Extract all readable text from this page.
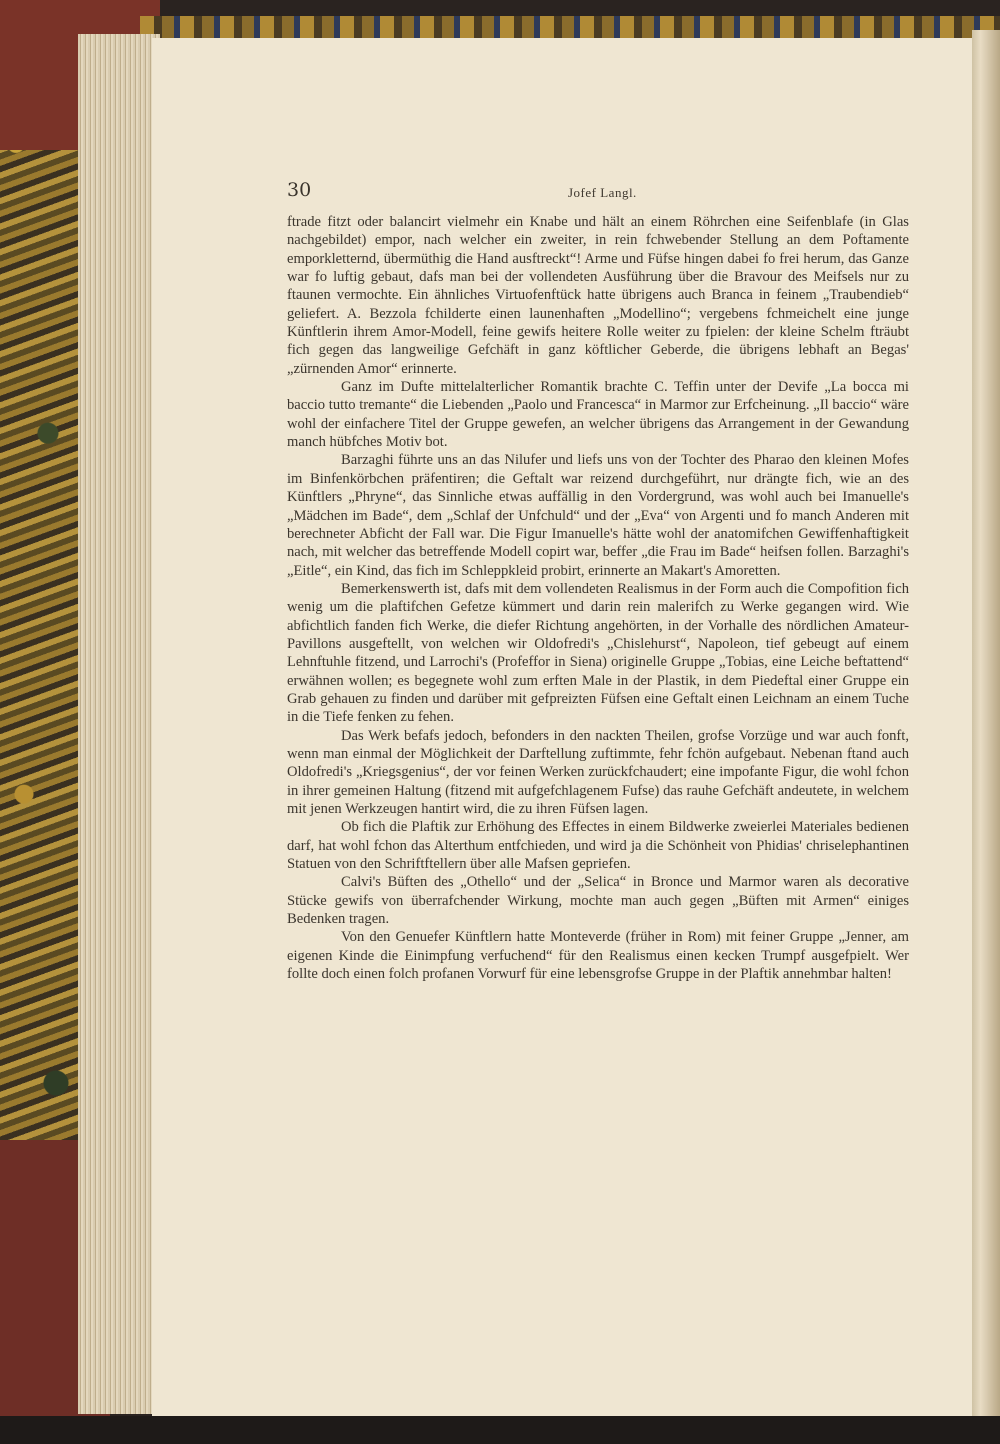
30	Jofef Langl.

ftrade fitzt oder balancirt vielmehr ein Knabe und hält an einem Röhrchen eine Seifenblafe (in Glas nachgebildet) empor, nach welcher ein zweiter, in rein fchwebender Stellung an dem Poftamente emporkletternd, übermüthig die Hand ausftreckt“! Arme und Füfse hingen dabei fo frei herum, das Ganze war fo luftig gebaut, dafs man bei der vollendeten Ausführung über die Bravour des Meifsels nur zu ftaunen vermochte. Ein ähnliches Virtuofenftück hatte übrigens auch Branca in feinem „Traubendieb“ geliefert. A. Bezzola fchilderte einen launenhaften „Modellino“; vergebens fchmeichelt eine junge Künftlerin ihrem Amor-Modell, feine gewifs heitere Rolle weiter zu fpielen: der kleine Schelm fträubt fich gegen das langweilige Gefchäft in ganz köftlicher Geberde, die übrigens lebhaft an Begas' „zürnenden Amor“ erinnerte.

Ganz im Dufte mittelalterlicher Romantik brachte C. Teffin unter der Devife „La bocca mi baccio tutto tremante“ die Liebenden „Paolo und Francesca“ in Marmor zur Erfcheinung. „Il baccio“ wäre wohl der einfachere Titel der Gruppe gewefen, an welcher übrigens das Arrangement in der Gewandung manch hübfches Motiv bot.

Barzaghi führte uns an das Nilufer und liefs uns von der Tochter des Pharao den kleinen Mofes im Binfenkörbchen präfentiren; die Geftalt war reizend durchgeführt, nur drängte fich, wie an des Künftlers „Phryne“, das Sinnliche etwas auffällig in den Vordergrund, was wohl auch bei Imanuelle's „Mädchen im Bade“, dem „Schlaf der Unfchuld“ und der „Eva“ von Argenti und fo manch Anderen mit berechneter Abficht der Fall war. Die Figur Imanuelle's hätte wohl der anatomifchen Gewiffenhaftigkeit nach, mit welcher das betreffende Modell copirt war, beffer „die Frau im Bade“ heifsen follen. Barzaghi's „Eitle“, ein Kind, das fich im Schleppkleid probirt, erinnerte an Makart's Amoretten.

Bemerkenswerth ist, dafs mit dem vollendeten Realismus in der Form auch die Compofition fich wenig um die plaftifchen Gefetze kümmert und darin rein malerifch zu Werke gegangen wird. Wie abfichtlich fanden fich Werke, die diefer Richtung angehörten, in der Vorhalle des nördlichen Amateur-Pavillons ausgeftellt, von welchen wir Oldofredi's „Chislehurst“, Napoleon, tief gebeugt auf einem Lehnftuhle fitzend, und Larrochi's (Profeffor in Siena) originelle Gruppe „Tobias, eine Leiche beftattend“ erwähnen wollen; es begegnete wohl zum erften Male in der Plastik, in dem Piedeftal einer Gruppe ein Grab gehauen zu finden und darüber mit gefpreizten Füfsen eine Geftalt einen Leichnam an einem Tuche in die Tiefe fenken zu fehen.

Das Werk befafs jedoch, befonders in den nackten Theilen, grofse Vorzüge und war auch fonft, wenn man einmal der Möglichkeit der Darftellung zuftimmte, fehr fchön aufgebaut. Nebenan ftand auch Oldofredi's „Kriegsgenius“, der vor feinen Werken zurückfchaudert; eine impofante Figur, die wohl fchon in ihrer gemeinen Haltung (fitzend mit aufgefchlagenem Fufse) das rauhe Gefchäft andeutete, in welchem mit jenen Werkzeugen hantirt wird, die zu ihren Füfsen lagen.

Ob fich die Plaftik zur Erhöhung des Effectes in einem Bildwerke zweierlei Materiales bedienen darf, hat wohl fchon das Alterthum entfchieden, und wird ja die Schönheit von Phidias' chriselephantinen Statuen von den Schriftftellern über alle Mafsen gepriefen.

Calvi's Büften des „Othello“ und der „Selica“ in Bronce und Marmor waren als decorative Stücke gewifs von überrafchender Wirkung, mochte man auch gegen „Büften mit Armen“ einiges Bedenken tragen.

Von den Genuefer Künftlern hatte Monteverde (früher in Rom) mit feiner Gruppe „Jenner, am eigenen Kinde die Einimpfung verfuchend“ für den Realismus einen kecken Trumpf ausgefpielt. Wer follte doch einen folch profanen Vorwurf für eine lebensgrofse Gruppe in der Plaftik annehmbar halten!
